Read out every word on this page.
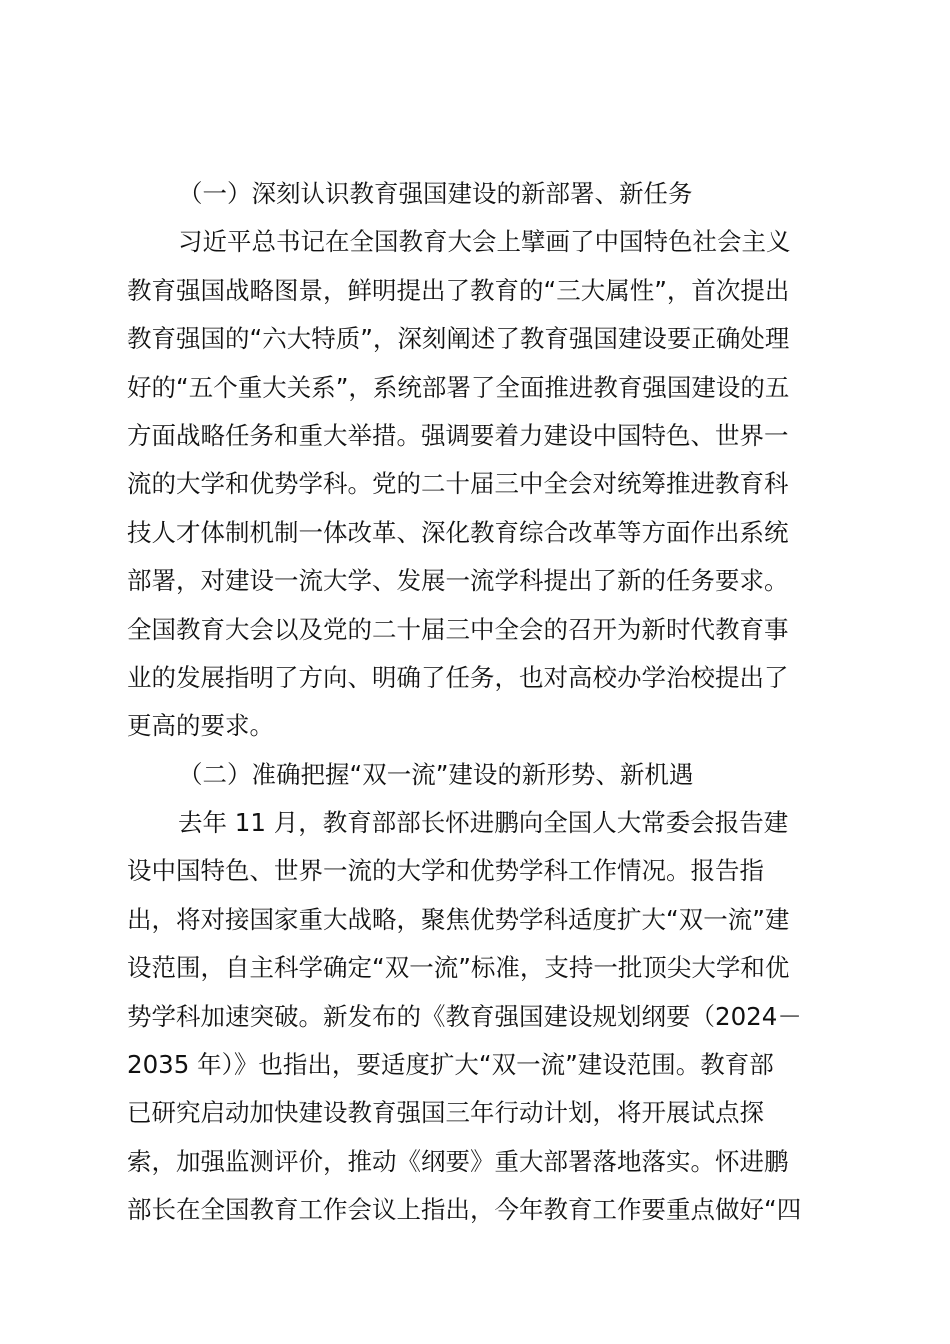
（一）深刻认识教育强国建设的新部署、新任务
习近平总书记在全国教育大会上擘画了中国特色社会主义
教育强国战略图景，鲜明提出了教育的“三大属性”，首次提出
教育强国的“六大特质”，深刻阐述了教育强国建设要正确处理
好的“五个重大关系”，系统部署了全面推进教育强国建设的五
方面战略任务和重大举措。强调要着力建设中国特色、世界一
流的大学和优势学科。党的二十届三中全会对统筹推进教育科
技人才体制机制一体改革、深化教育综合改革等方面作出系统
部署，对建设一流大学、发展一流学科提出了新的任务要求。
全国教育大会以及党的二十届三中全会的召开为新时代教育事
业的发展指明了方向、明确了任务，也对高校办学治校提出了
更高的要求。
（二）准确把握“双一流”建设的新形势、新机遇
去年 11 月，教育部部长怀进鹏向全国人大常委会报告建
设中国特色、世界一流的大学和优势学科工作情况。报告指
出，将对接国家重大战略，聚焦优势学科适度扩大“双一流”建
设范围，自主科学确定“双一流”标准，支持一批顶尖大学和优
势学科加速突破。新发布的《教育强国建设规划纲要（2024－
2035 年）》也指出，要适度扩大“双一流”建设范围。教育部
已研究启动加快建设教育强国三年行动计划，将开展试点探
索，加强监测评价，推动《纲要》重大部署落地落实。怀进鹏
部长在全国教育工作会议上指出，今年教育工作要重点做好“四
